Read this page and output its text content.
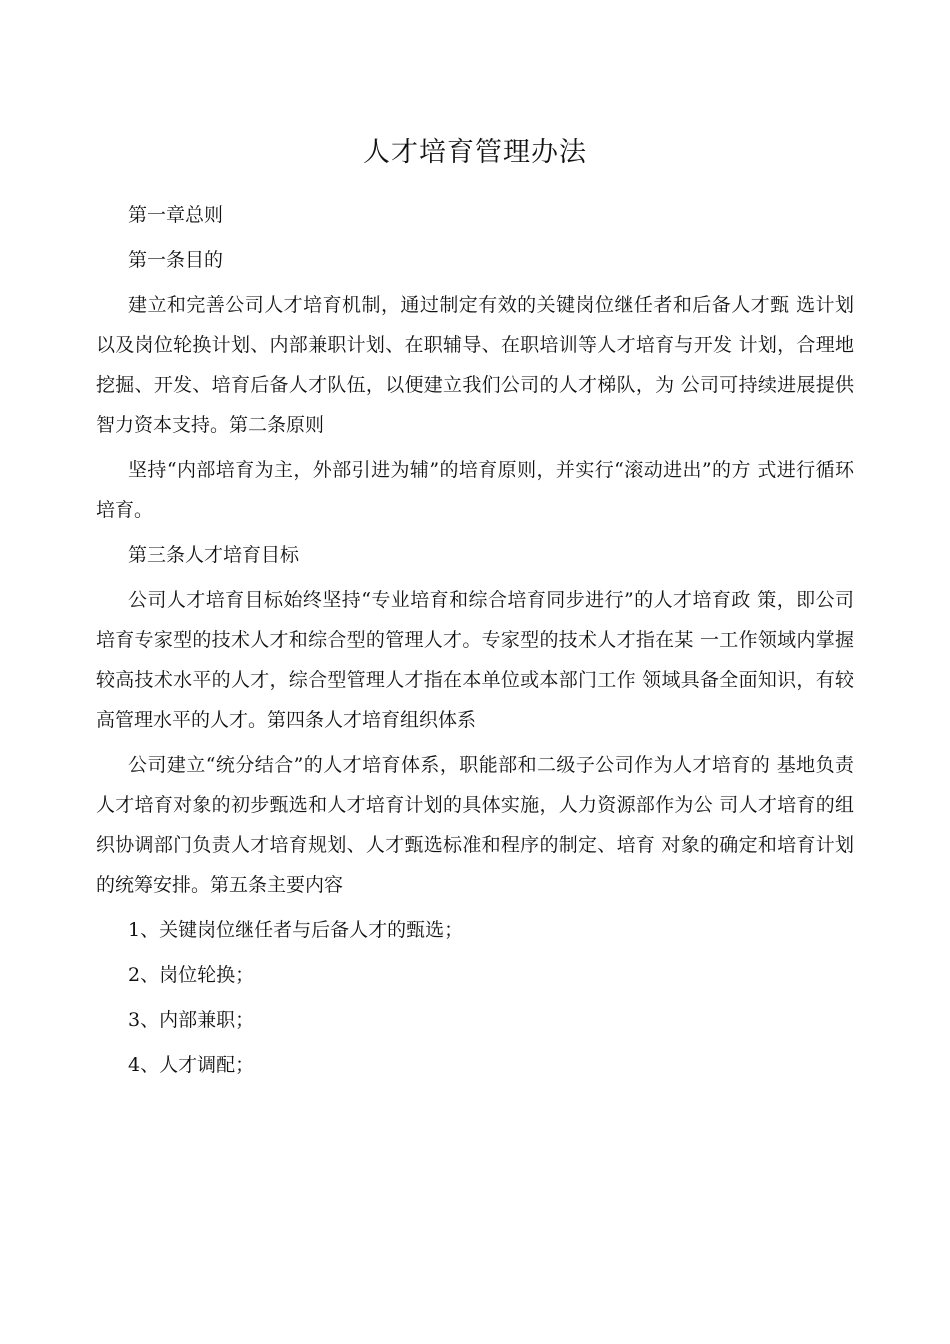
人才培育管理办法

第一章总则

第一条目的

建立和完善公司人才培育机制，通过制定有效的关键岗位继任者和后备人才甄 选计划以及岗位轮换计划、内部兼职计划、在职辅导、在职培训等人才培育与开发 计划，合理地挖掘、开发、培育后备人才队伍，以便建立我们公司的人才梯队，为 公司可持续进展提供智力资本支持。第二条原则

坚持“内部培育为主，外部引进为辅”的培育原则，并实行“滚动进出”的方 式进行循环培育。

第三条人才培育目标

公司人才培育目标始终坚持“专业培育和综合培育同步进行”的人才培育政 策，即公司培育专家型的技术人才和综合型的管理人才。专家型的技术人才指在某 一工作领域内掌握较高技术水平的人才，综合型管理人才指在本单位或本部门工作 领域具备全面知识，有较高管理水平的人才。第四条人才培育组织体系

公司建立“统分结合”的人才培育体系，职能部和二级子公司作为人才培育的 基地负责人才培育对象的初步甄选和人才培育计划的具体实施，人力资源部作为公 司人才培育的组织协调部门负责人才培育规划、人才甄选标准和程序的制定、培育 对象的确定和培育计划的统筹安排。第五条主要内容

1、关键岗位继任者与后备人才的甄选；

2、岗位轮换；

3、内部兼职；

4、人才调配；
